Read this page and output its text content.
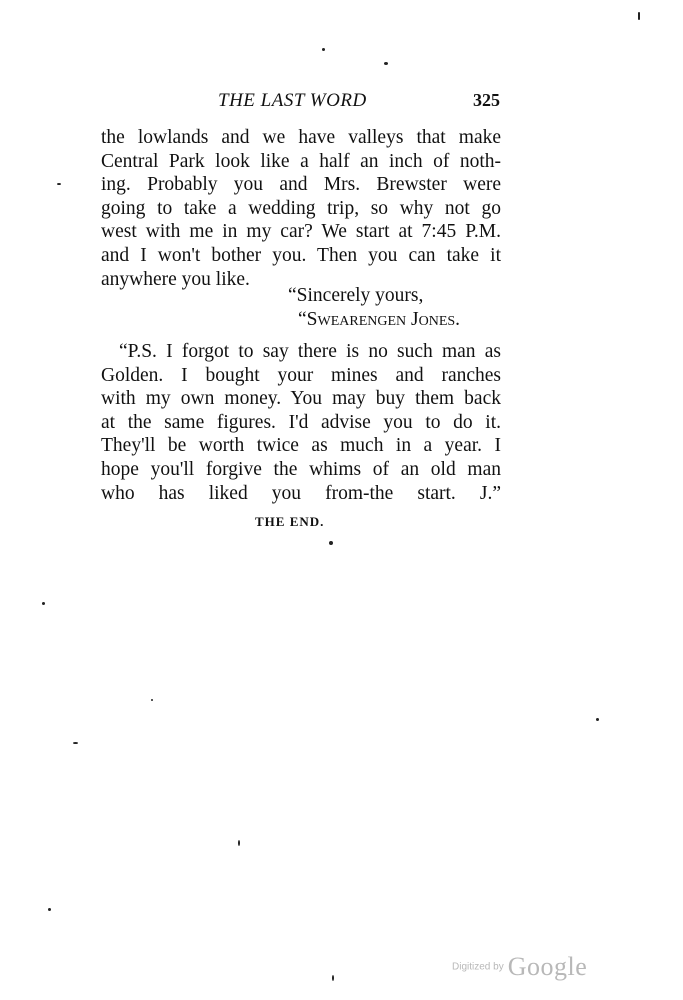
THE LAST WORD	325
the lowlands and we have valleys that make
Central Park look like a half an inch of noth-
ing. Probably you and Mrs. Brewster were
going to take a wedding trip, so why not go
west with me in my car? We start at 7:45 P.M.
and I won't bother you. Then you can take it
anywhere you like.
“Sincerely yours,
“Swearengen Jones.
“P.S. I forgot to say there is no such man as
Golden. I bought your mines and ranches
with my own money. You may buy them back
at the same figures. I'd advise you to do it.
They'll be worth twice as much in a year. I
hope you'll forgive the whims of an old man
who has liked you from-the start. J.”
THE END.
Digitized by Google
